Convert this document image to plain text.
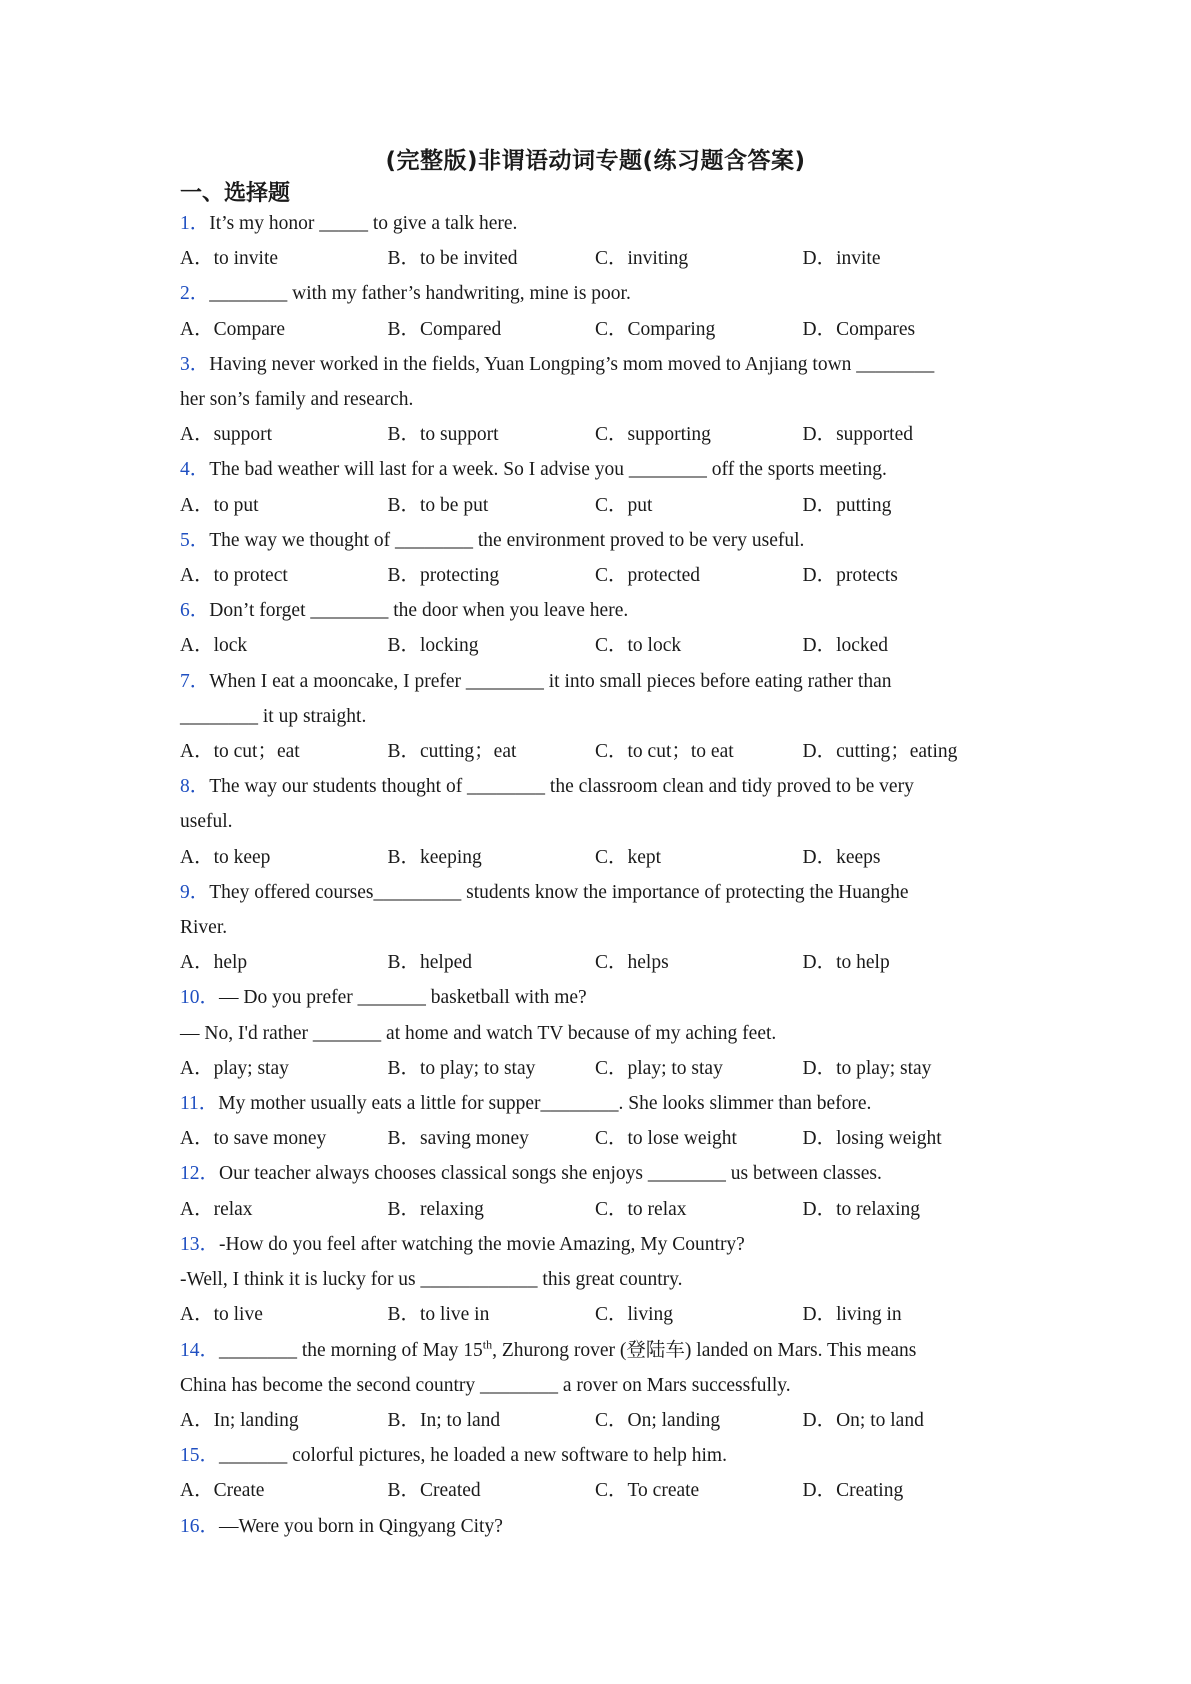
(完整版)非谓语动词专题(练习题含答案)
一、选择题
1．It’s my honor _____ to give a talk here.
A．to invite	B．to be invited	C．inviting	D．invite
2．________ with my father’s handwriting, mine is poor.
A．Compare	B．Compared	C．Comparing	D．Compares
3．Having never worked in the fields, Yuan Longping’s mom moved to Anjiang town ________
her son’s family and research.
A．support	B．to support	C．supporting	D．supported
4．The bad weather will last for a week. So I advise you ________ off the sports meeting.
A．to put	B．to be put	C．put	D．putting
5．The way we thought of ________ the environment proved to be very useful.
A．to protect	B．protecting	C．protected	D．protects
6．Don’t forget ________ the door when you leave here.
A．lock	B．locking	C．to lock	D．locked
7．When I eat a mooncake, I prefer ________ it into small pieces before eating rather than
________ it up straight.
A．to cut；eat	B．cutting；eat	C．to cut；to eat	D．cutting；eating
8．The way our students thought of ________ the classroom clean and tidy proved to be very
useful.
A．to keep	B．keeping	C．kept	D．keeps
9．They offered courses_________ students know the importance of protecting the Huanghe
River.
A．help	B．helped	C．helps	D．to help
10．— Do you prefer _______ basketball with me?
— No, I'd rather _______ at home and watch TV because of my aching feet.
A．play; stay	B．to play; to stay	C．play; to stay	D．to play; stay
11．My mother usually eats a little for supper________. She looks slimmer than before.
A．to save money	B．saving money	C．to lose weight	D．losing weight
12．Our teacher always chooses classical songs she enjoys ________ us between classes.
A．relax	B．relaxing	C．to relax	D．to relaxing
13．-How do you feel after watching the movie Amazing, My Country?
-Well, I think it is lucky for us ____________ this great country.
A．to live	B．to live in	C．living	D．living in
14．________ the morning of May 15th, Zhurong rover (登陆车) landed on Mars. This means
China has become the second country ________ a rover on Mars successfully.
A．In; landing	B．In; to land	C．On; landing	D．On; to land
15．_______ colorful pictures, he loaded a new software to help him.
A．Create	B．Created	C．To create	D．Creating
16．—Were you born in Qingyang City?
